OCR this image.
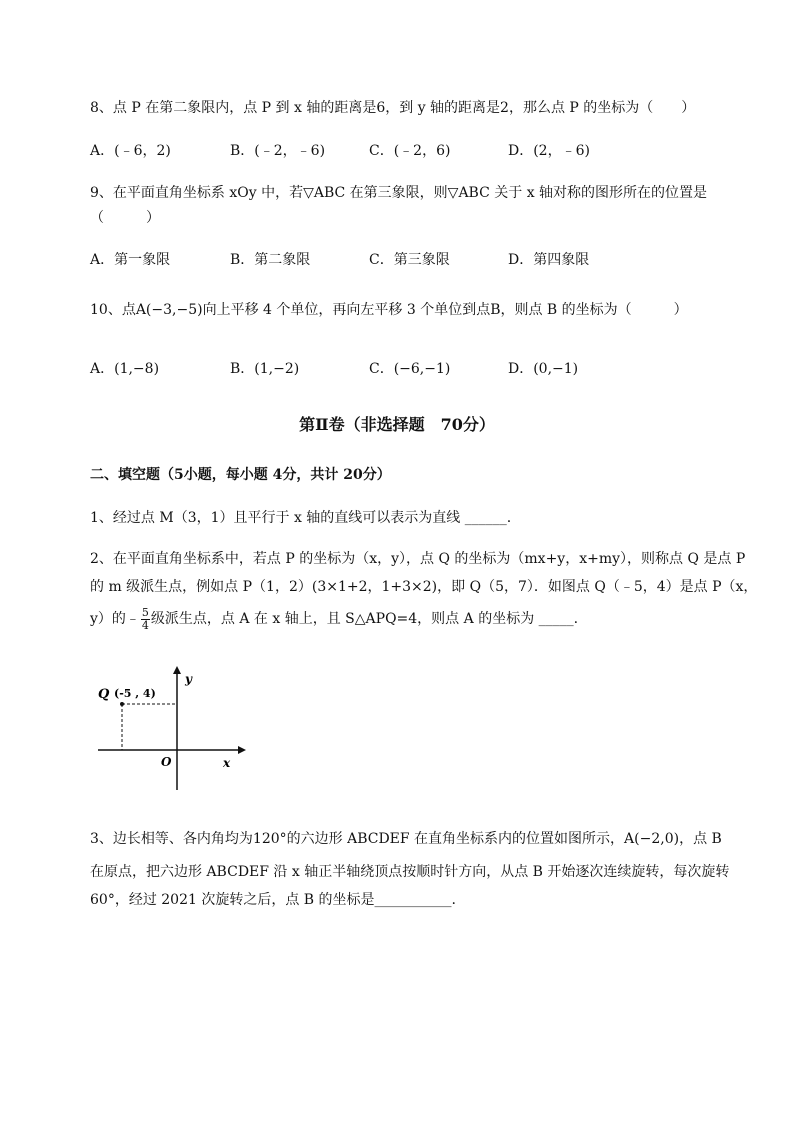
8、点 P 在第二象限内，点 P 到 x 轴的距离是6，到 y 轴的距离是2，那么点 P 的坐标为（　　）
A．(﹣6，2)	B．(﹣2，﹣6)	C．(﹣2，6)	D．(2，﹣6)
9、在平面直角坐标系 xOy 中，若▽ABC 在第三象限，则▽ABC 关于 x 轴对称的图形所在的位置是
（　　　）
A．第一象限	B．第二象限	C．第三象限	D．第四象限
10、点A(−3,−5)向上平移 4 个单位，再向左平移 3 个单位到点B，则点 B 的坐标为（　　　）
A．(1,−8)	B．(1,−2)	C．(−6,−1)	D．(0,−1)
第Ⅱ卷（非选择题　70分）
二、填空题（5小题，每小题 4分，共计 20分）
1、经过点 M（3，1）且平行于 x 轴的直线可以表示为直线 ______.
2、在平面直角坐标系中，若点 P 的坐标为（x，y），点 Q 的坐标为（mx+y，x+my），则称点 Q 是点 P
的 m 级派生点，例如点 P（1，2）(3×1+2，1+3×2)，即 Q（5，7）．如图点 Q（﹣5，4）是点 P（x，
y）的﹣ $\frac{5}{4}$ 级派生点，点 A 在 x 轴上，且 S△APQ=4，则点 A 的坐标为 _____.
Q (-5 , 4)
y
x
O
3、边长相等、各内角均为120°的六边形 ABCDEF 在直角坐标系内的位置如图所示，A(−2,0)，点 B
在原点，把六边形 ABCDEF 沿 x 轴正半轴绕顶点按顺时针方向，从点 B 开始逐次连续旋转，每次旋转
60°，经过 2021 次旋转之后，点 B 的坐标是___________.
